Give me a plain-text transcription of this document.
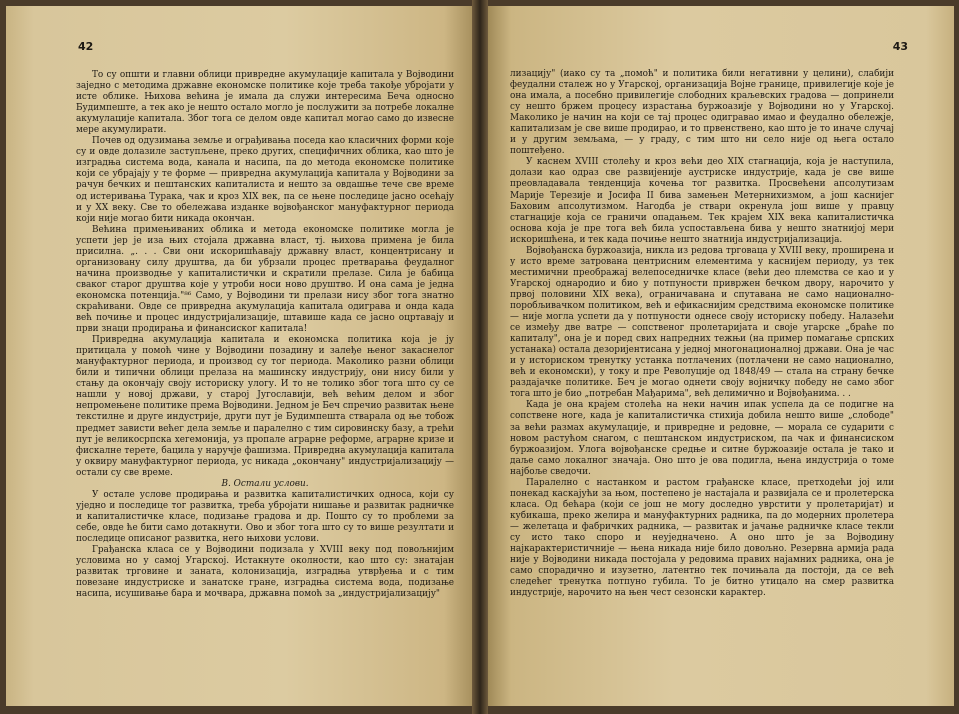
42

То су општи и главни облици привредне акумулације капитала у Војводини заједно с методима државне економске политике које треба такође убројати у исте облике. Њихова већина је имала да служи интересима Беча односно Будимпеште, а тек ако је нешто остало могло је послужити за потребе локалне акумулације капитала. Због тога се делом овде капитал могао само до извесне мере акумулирати.

Почев од одузимања земље и ограђивања поседа као класичних форми које су и овде долазиле заступљене, преко других, специфичних облика, као што је изградња система вода, канала и насипа, па до метода економске политике који се убрајају у те форме — привредна акумулација капитала у Војводини за рачун бечких и пештанских капиталиста и нешто за овдашње тече све време од истеривања Турака, чак и кроз XIX век, па се њене последице јасно осећају и у XX веку. Све то обележава изданке војвођанског мануфактурног периода који није могао бити никада окончан.

Већина примењиваних облика и метода економске политике могла је успети јер је иза њих стојала државна власт, тј. њихова примена је била присилна. „. . . Сви они искоришћавају државну власт, концентрисану и организовану силу друштва, да би убрзали процес претварања феудалног начина производње у капиталистички и скратили прелазе. Сила је бабица сваког старог друштва које у утроби носи ново друштво. И она сама је једна економска потенција."⁸⁶ Само, у Војводини ти прелази нису због тога знатно скраћивани. Овде се привредна акумулација капитала одиграва и онда када већ почиње и процес индустријализације, штавише када се јасно оцртавају и први знаци продирања и финансиског капитала!

Привредна акумулација капитала и економска политика која је ју притицала у помоћ чине у Војводини позадину и залеђе њеног закаснелог мануфактурног периода, и производ су тог периода. Маколико разни облици били и типични облици прелаза на машинску индустрију, они нису били у стању да окончају своју историску улогу. И то не толико због тога што су се нашли у новој држави, у старој Југославији, већ већим делом и због непромењене политике према Војводини. Једном је Беч спречио развитак њене текстилне и друге индустрије, други пут је Будимпешта стварала од ње тобож предмет зависти већег дела земље и паралелно с тим сировинску базу, а трећи пут је великосрпска хегемонија, уз пропале аграрне реформе, аграрне кризе и фискалне терете, бацила у наручје фашизма. Привредна акумулација капитала у оквиру мануфактурног периода, ус никада „окончану" индустријализацију — остали су све време.

В. Остали услови.

У остале услове продирања и развитка капиталистичких односа, који су уједно и последице тог развитка, треба убројати нишање и развитак радничке и капиталистичке класе, подизање градова и др. Пошто су то проблеми за себе, овде ће бити само дотакнути. Ово и због тога што су то више резултати и последице описаног развитка, него њихови услови.

Грађанска класа се у Војводини подизала у XVIII веку под повољнијим условима но у самој Угарској. Истакнуте околности, као што су: знатајан развитак трговине и заната, колонизација, изградња утврђења и с тим повезане индустриске и занатске гране, изградња система вода, подизање насипа, исушивање бара и мочвара, државна помоћ за „индустријализацију"

43

лизацију" (иако су та „помоћ" и политика били негативни у целини), слабији феудални сталеж но у Угарској, организација Војне границе, привилегије које је она имала, а посебно привилегије слободних краљевских градова — допринели су нешто бржем процесу израстања буржоазије у Војводини но у Угарској. Маколико је начин на који се тај процес одигравао имао и феудално обележје, капитализам је све више продирао, и то првенствено, као што је то иначе случај и у другим земљама, — у граду, с тим што ни село није од њега остало поштеђено.

У каснем XVIII столећу и кроз већи део XIX стагнација, која је наступила, долази као одраз све развијеније аустриске индустрије, када је све више преовладавала тенденција кочења тог развитка. Просвећени апсолутизам Марије Терезије и Јосифа II бива замењен Метернихизмом, а још каснијег Баховим апсолутизмом. Нагодба је ствари окренула још више у правцу стагнације која се граничи опадањем. Тек крајем XIX века капиталистичка основа која је пре тога већ била успостављена бива у нешто знатнијој мери искоришћена, и тек када почиње нешто знатнија индустријализација.

Војвођанска буржоазија, никла из редова трговаца у XVIII веку, проширена и у исто време затрована центрисним елементима у каснијем периоду, уз тек местимични преображај велепоседничке класе (већи део племства се као и у Угарској однародио и био у потпуности привржен бечком двору, нарочито у првој половини XIX века), ограничавана и спутавана не само национално-поробљивачком политиком, већ и ефикаснијим средствима економске политике — није могла успети да у потпуности однесе своју историску победу. Налазећи се између две ватре — сопственог пролетаријата и своје угарске „браће по капиталу", она је и поред свих напредних тежњи (на пример помагање српских устанака) остала дезоријентисана у једној многонационалној држави. Она је час и у историском тренутку устанка потлачених (потлачени не само национално, већ и економски), у току и пре Револуције од 1848/49 — стала на страну бечке раздајачке политике. Беч је могао однети своју војничку победу не само због тога што је био „потребан Мађарима", већ делимично и Војвођанима. . .

Када је она крајем столећа на неки начин ипак успела да се подигне на сопствене ноге, када је капиталистичка стихија добила нешто више „слободе" за већи размах акумулације, и привредне и редовне, — морала се сударити с новом растућом снагом, с пештанском индустриском, па чак и финансиском буржоазијом. Улога војвођанске средње и ситне буржоазије остала је тако и даље само локалног значаја. Оно што је ова подигла, њена индустрија о томе најбоље сведочи.

Паралелно с настанком и растом грађанске класе, претходећи јој или понекад каскајући за њом, постепено је настајала и развијала се и пролетерска класа. Од бећара (који се још не могу доследно уврстити у пролетаријат) и кубикаша, преко желира и мануфактурних радника, па до модерних пролетера — желетаца и фабричких радника, — развитак и јачање радничке класе текли су исто тако споро и неуједначено. А оно што је за Војводину најкарактеристичније — њена никада није било довољно. Резервна армија рада није у Војводини никада постојала у редовима правих најамних радника, она је само спорадично и изузетно, латентно тек почињала да постоји, да се већ следећег тренутка потпуно губила. То је битно утицало на смер развитка индустрије, нарочито на њен чест сезонски карактер.
